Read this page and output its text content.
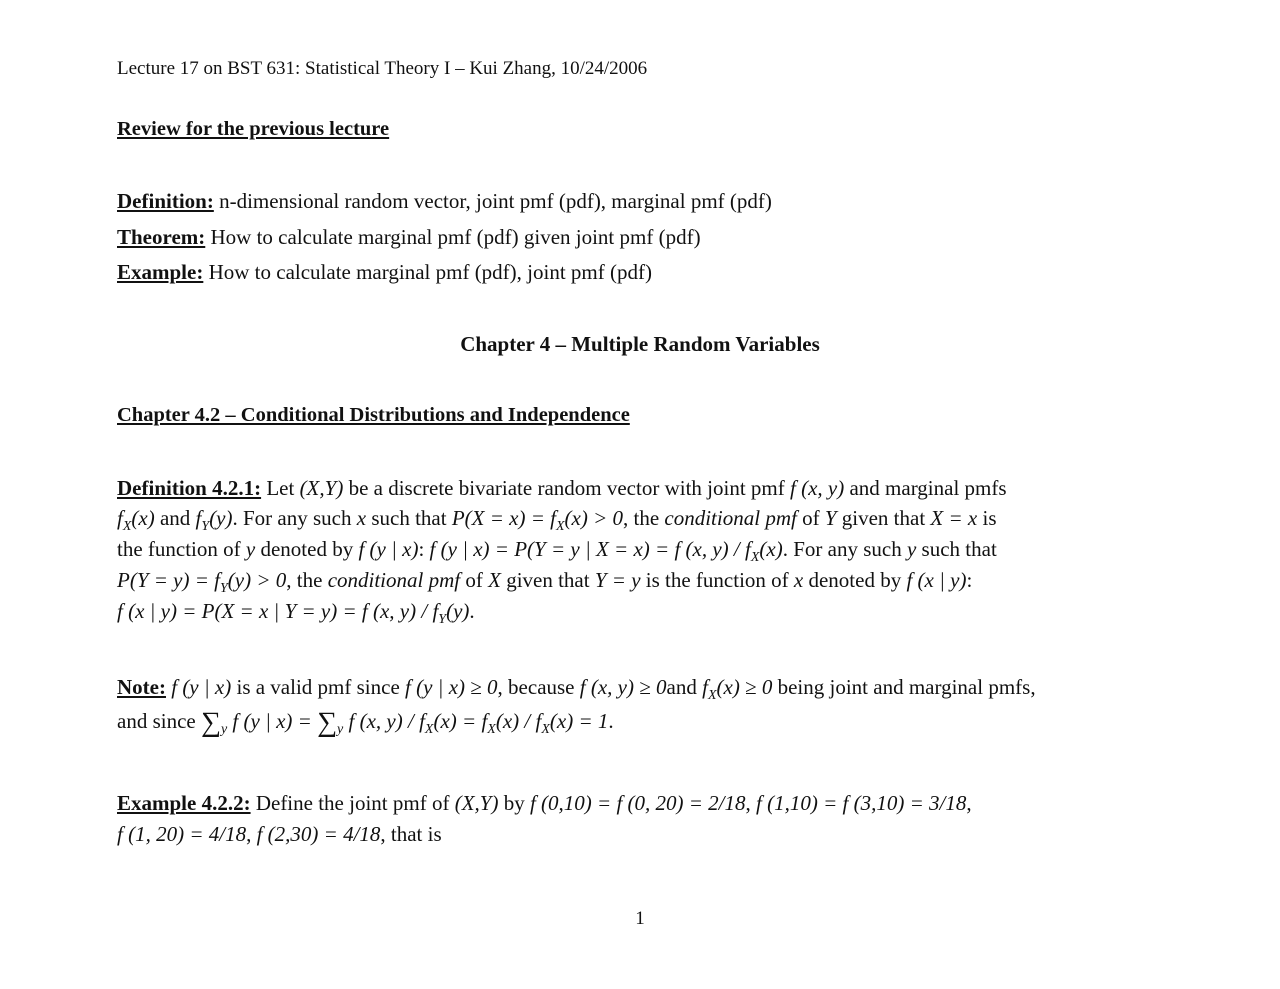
Lecture 17 on BST 631: Statistical Theory I – Kui Zhang, 10/24/2006
Review for the previous lecture
Definition: n-dimensional random vector, joint pmf (pdf), marginal pmf (pdf)
Theorem: How to calculate marginal pmf (pdf) given joint pmf (pdf)
Example: How to calculate marginal pmf (pdf), joint pmf (pdf)
Chapter 4 – Multiple Random Variables
Chapter 4.2 – Conditional Distributions and Independence
Definition 4.2.1: Let (X,Y) be a discrete bivariate random vector with joint pmf f (x, y) and marginal pmfs
$f_X(x)$ and $f_Y(y)$. For any such x such that $P(X = x) = f_X(x) > 0$, the conditional pmf of Y given that X = x is
the function of y denoted by f (y | x): f (y | x) = P(Y = y | X = x) = f (x, $y) / f_X(x)$. For any such y such that
$P(Y = y) = f_Y(y) > 0$, the conditional pmf of X given that Y = y is the function of x denoted by f (x | y):
f (x | y) = P(X = x | Y = y) = f (x, $y) / f_Y(y)$.
Note: f (y | x) is a valid pmf since f (y | x) ≥ 0, because f (x, y) ≥ 0and $f_X(x) \ge 0$ being joint and marginal pmfs,
and since $\sum_y$ f (y | $x) = \sum_y$ f (x, $y) / f_X(x) = f_X(x) / f_X(x) = 1$.
Example 4.2.2: Define the joint pmf of (X,Y) by f (0,10) = f (0, 20) = 2/18, f (1,10) = f (3,10) = 3/18,
f (1, 20) = 4/18, f (2,30) = 4/18, that is
1
